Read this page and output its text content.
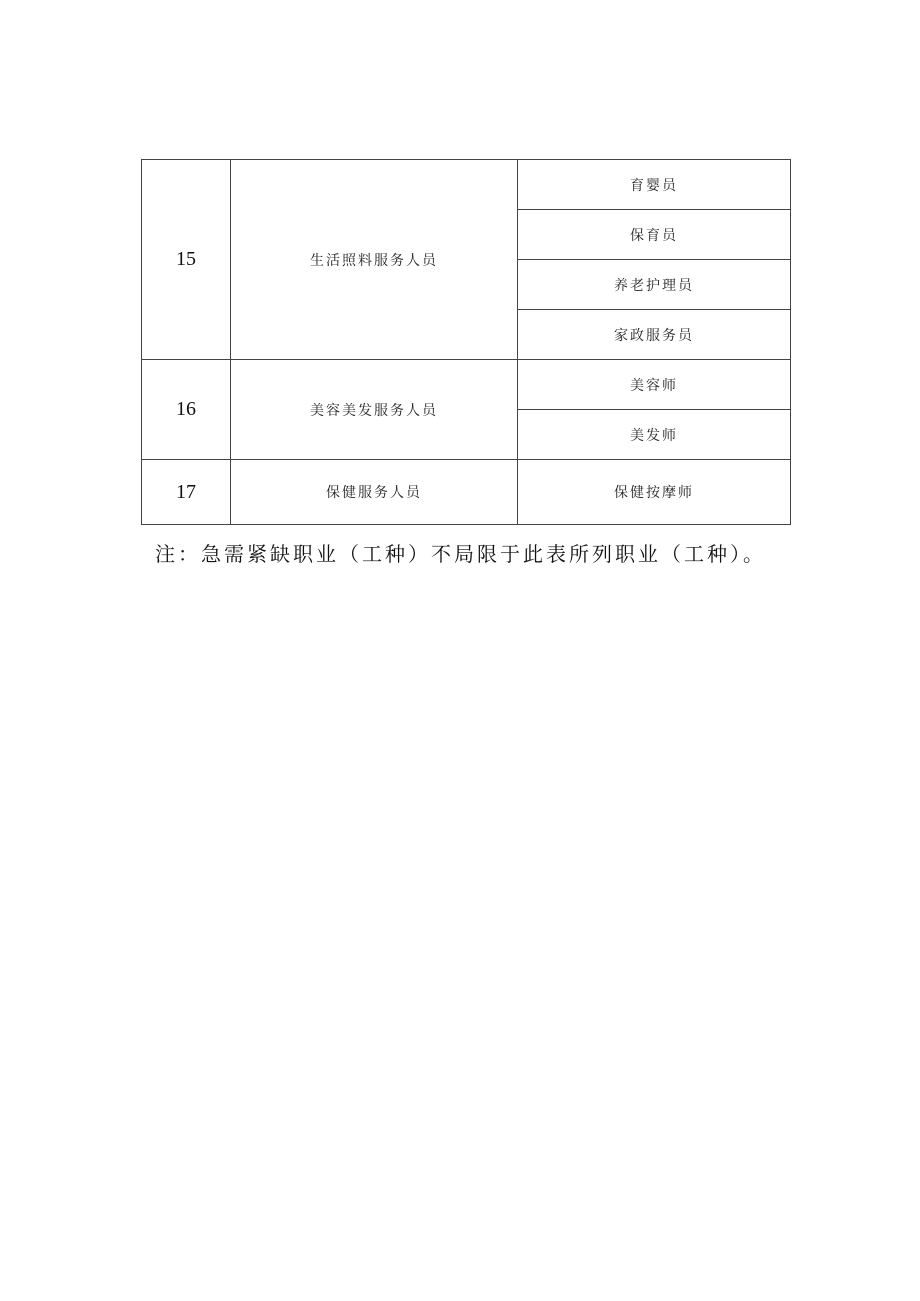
15	生活照料服务人员	育婴员
		保育员
		养老护理员
		家政服务员
16	美容美发服务人员	美容师
		美发师
17	保健服务人员	保健按摩师
注：急需紧缺职业（工种）不局限于此表所列职业（工种）。
